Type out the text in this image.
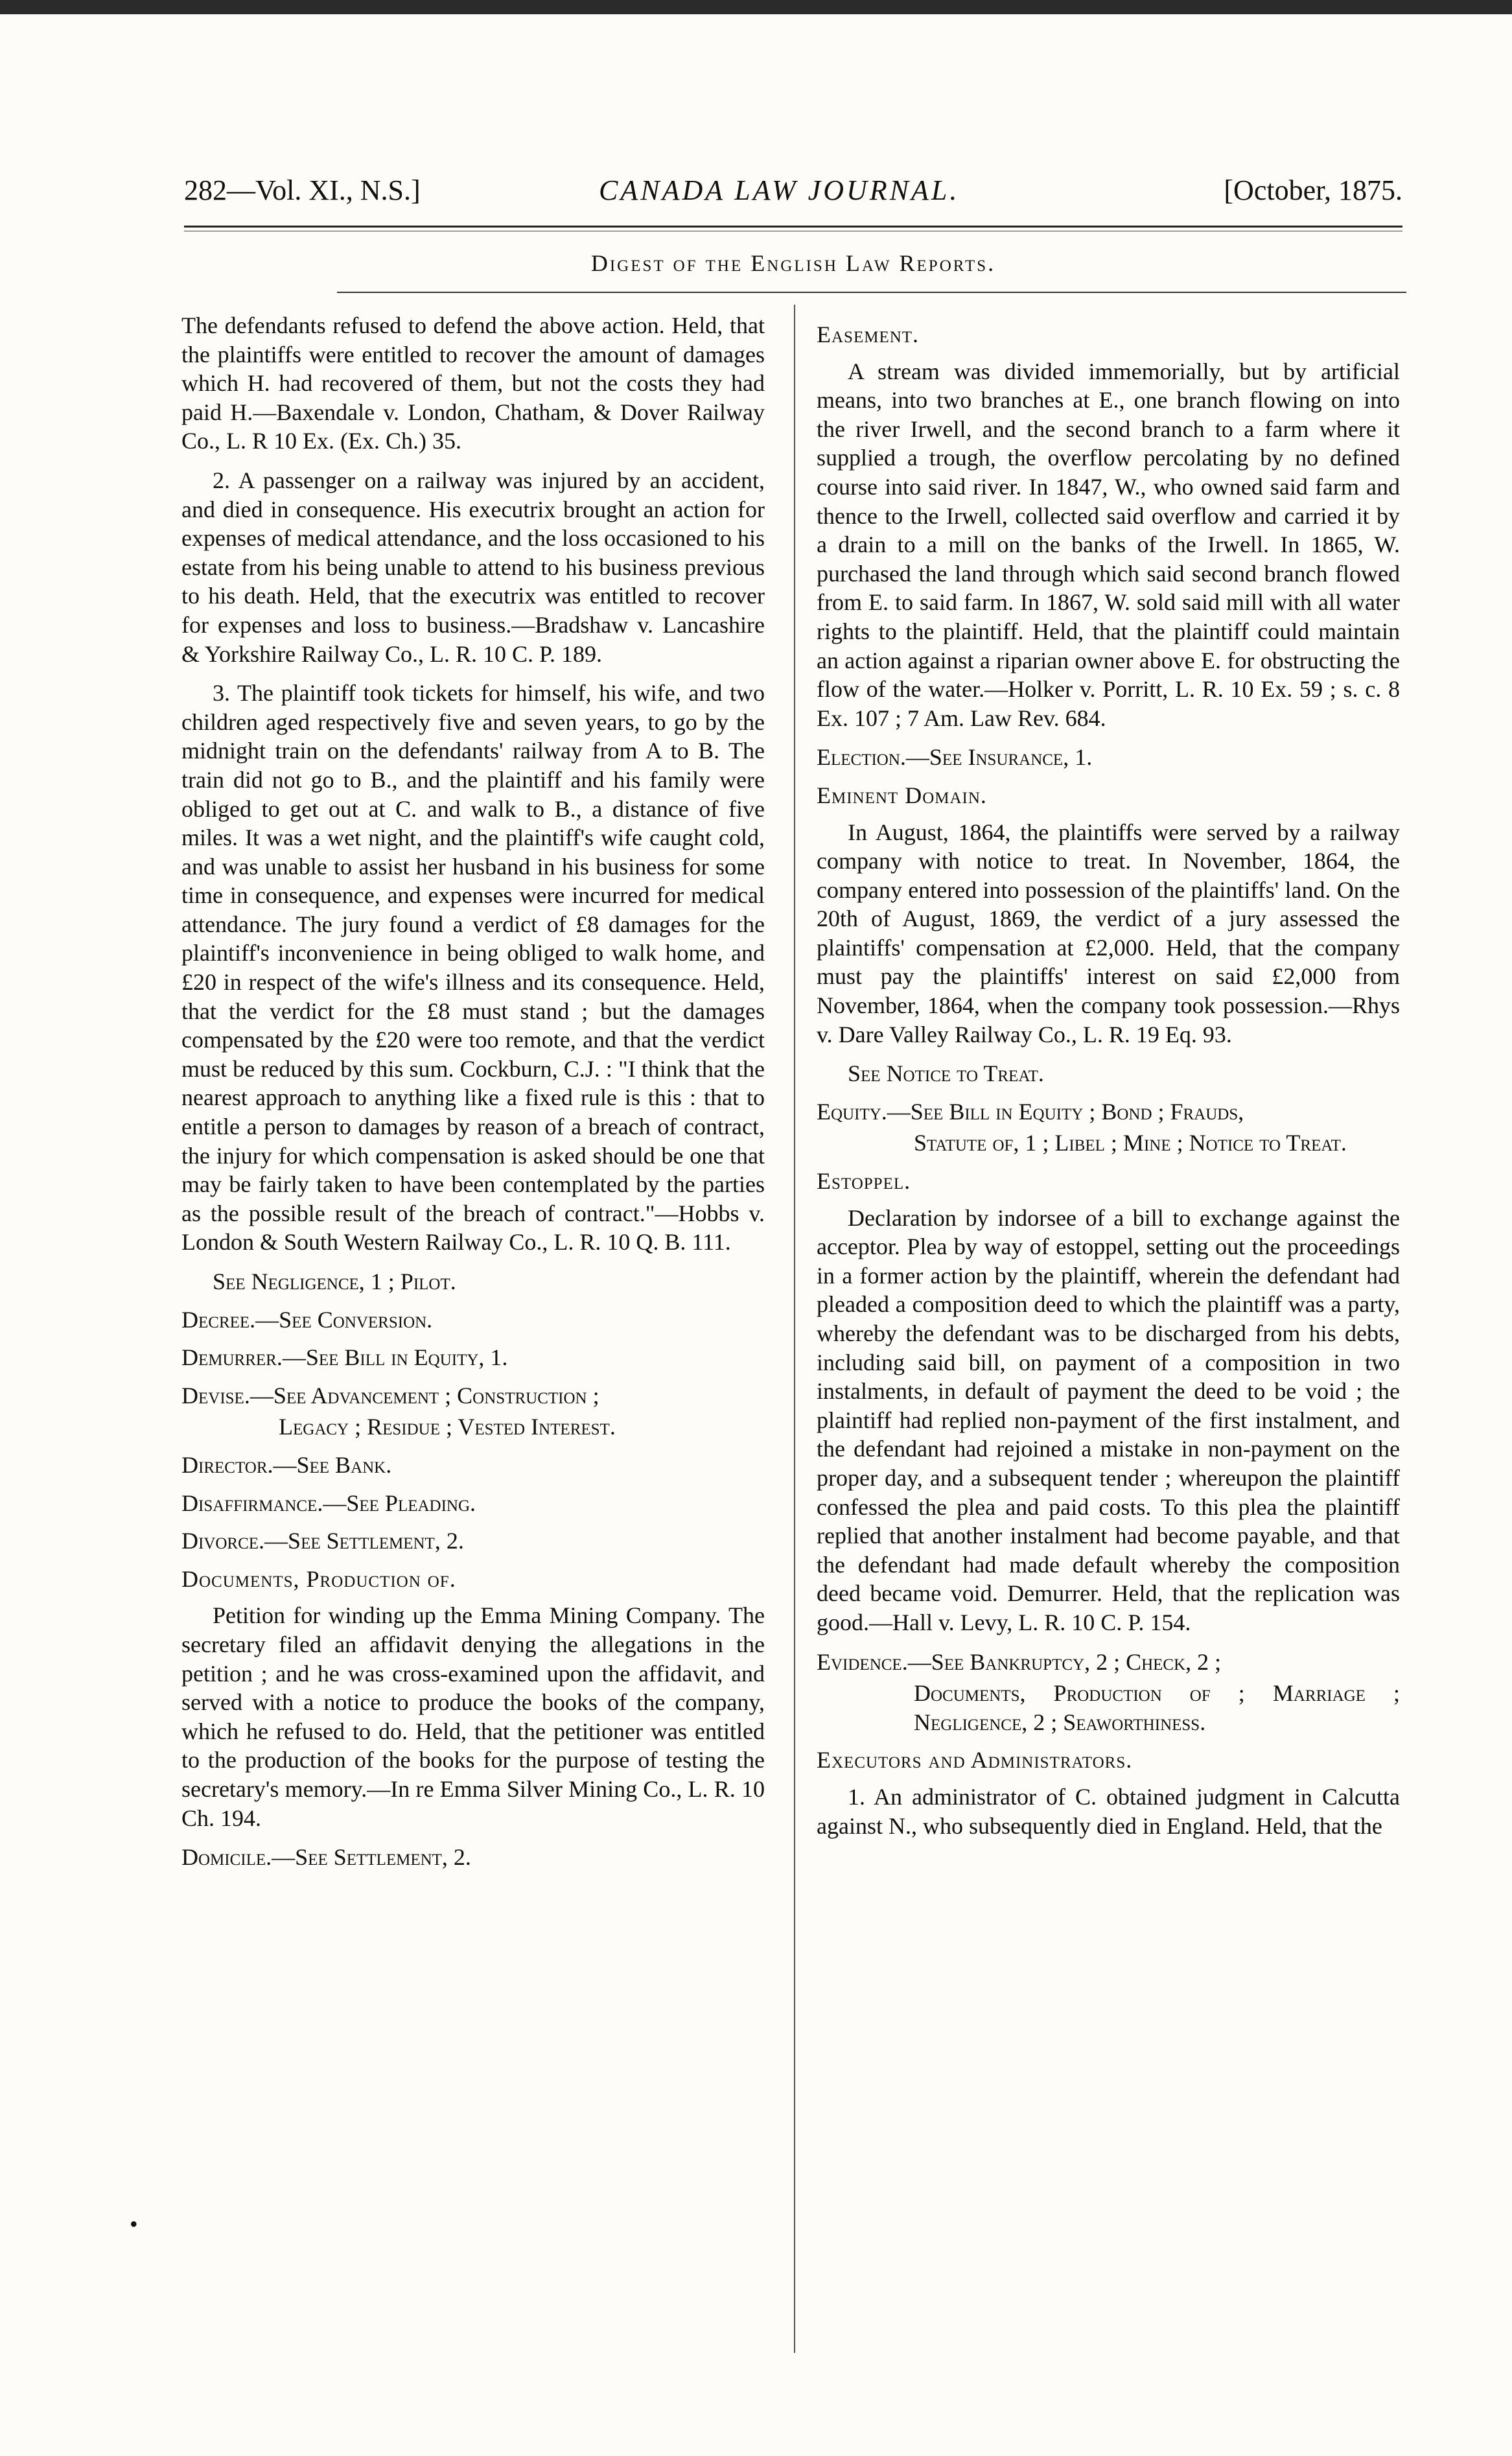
282—Vol. XI., N.S.]	CANADA LAW JOURNAL.	[October, 1875.
Digest of the English Law Reports.

The defendants refused to defend the above action. Held, that the plaintiffs were entitled to recover the amount of damages which H. had recovered of them, but not the costs they had paid H.—Baxendale v. London, Chatham, & Dover Railway Co., L. R 10 Ex. (Ex. Ch.) 35.

2. A passenger on a railway was injured by an accident, and died in consequence. His executrix brought an action for expenses of medical attendance, and the loss occasioned to his estate from his being unable to attend to his business previous to his death. Held, that the executrix was entitled to recover for expenses and loss to business.—Bradshaw v. Lancashire & Yorkshire Railway Co., L. R. 10 C. P. 189.

3. The plaintiff took tickets for himself, his wife, and two children aged respectively five and seven years, to go by the midnight train on the defendants' railway from A to B. The train did not go to B., and the plaintiff and his family were obliged to get out at C. and walk to B., a distance of five miles. It was a wet night, and the plaintiff's wife caught cold, and was unable to assist her husband in his business for some time in consequence, and expenses were incurred for medical attendance. The jury found a verdict of £8 damages for the plaintiff's inconvenience in being obliged to walk home, and £20 in respect of the wife's illness and its consequence. Held, that the verdict for the £8 must stand ; but the damages compensated by the £20 were too remote, and that the verdict must be reduced by this sum. Cockburn, C.J. : "I think that the nearest approach to anything like a fixed rule is this : that to entitle a person to damages by reason of a breach of contract, the injury for which compensation is asked should be one that may be fairly taken to have been contemplated by the parties as the possible result of the breach of contract."—Hobbs v. London & South Western Railway Co., L. R. 10 Q. B. 111.

See Negligence, 1 ; Pilot.

Decree.—See Conversion.

Demurrer.—See Bill in Equity, 1.

Devise.—See Advancement ; Construction ;

Legacy ; Residue ; Vested Interest.

Director.—See Bank.

Disaffirmance.—See Pleading.

Divorce.—See Settlement, 2.

Documents, Production of.

Petition for winding up the Emma Mining Company. The secretary filed an affidavit denying the allegations in the petition ; and he was cross-examined upon the affidavit, and served with a notice to produce the books of the company, which he refused to do. Held, that the petitioner was entitled to the production of the books for the purpose of testing the secretary's memory.—In re Emma Silver Mining Co., L. R. 10 Ch. 194.

Domicile.—See Settlement, 2.

Easement.

A stream was divided immemorially, but by artificial means, into two branches at E., one branch flowing on into the river Irwell, and the second branch to a farm where it supplied a trough, the overflow percolating by no defined course into said river. In 1847, W., who owned said farm and thence to the Irwell, collected said overflow and carried it by a drain to a mill on the banks of the Irwell. In 1865, W. purchased the land through which said second branch flowed from E. to said farm. In 1867, W. sold said mill with all water rights to the plaintiff. Held, that the plaintiff could maintain an action against a riparian owner above E. for obstructing the flow of the water.—Holker v. Porritt, L. R. 10 Ex. 59 ; s. c. 8 Ex. 107 ; 7 Am. Law Rev. 684.

Election.—See Insurance, 1.

Eminent Domain.

In August, 1864, the plaintiffs were served by a railway company with notice to treat. In November, 1864, the company entered into possession of the plaintiffs' land. On the 20th of August, 1869, the verdict of a jury assessed the plaintiffs' compensation at £2,000. Held, that the company must pay the plaintiffs' interest on said £2,000 from November, 1864, when the company took possession.—Rhys v. Dare Valley Railway Co., L. R. 19 Eq. 93.

See Notice to Treat.

Equity.—See Bill in Equity ; Bond ; Frauds,

Statute of, 1 ; Libel ; Mine ; Notice to Treat.

Estoppel.

Declaration by indorsee of a bill to exchange against the acceptor. Plea by way of estoppel, setting out the proceedings in a former action by the plaintiff, wherein the defendant had pleaded a composition deed to which the plaintiff was a party, whereby the defendant was to be discharged from his debts, including said bill, on payment of a composition in two instalments, in default of payment the deed to be void ; the plaintiff had replied non-payment of the first instalment, and the defendant had rejoined a mistake in non-payment on the proper day, and a subsequent tender ; whereupon the plaintiff confessed the plea and paid costs. To this plea the plaintiff replied that another instalment had become payable, and that the defendant had made default whereby the composition deed became void. Demurrer. Held, that the replication was good.—Hall v. Levy, L. R. 10 C. P. 154.

Evidence.—See Bankruptcy, 2 ; Check, 2 ;

Documents, Production of ; Marriage ; Negligence, 2 ; Seaworthiness.

Executors and Administrators.

1. An administrator of C. obtained judgment in Calcutta against N., who subsequently died in England. Held, that the

•
